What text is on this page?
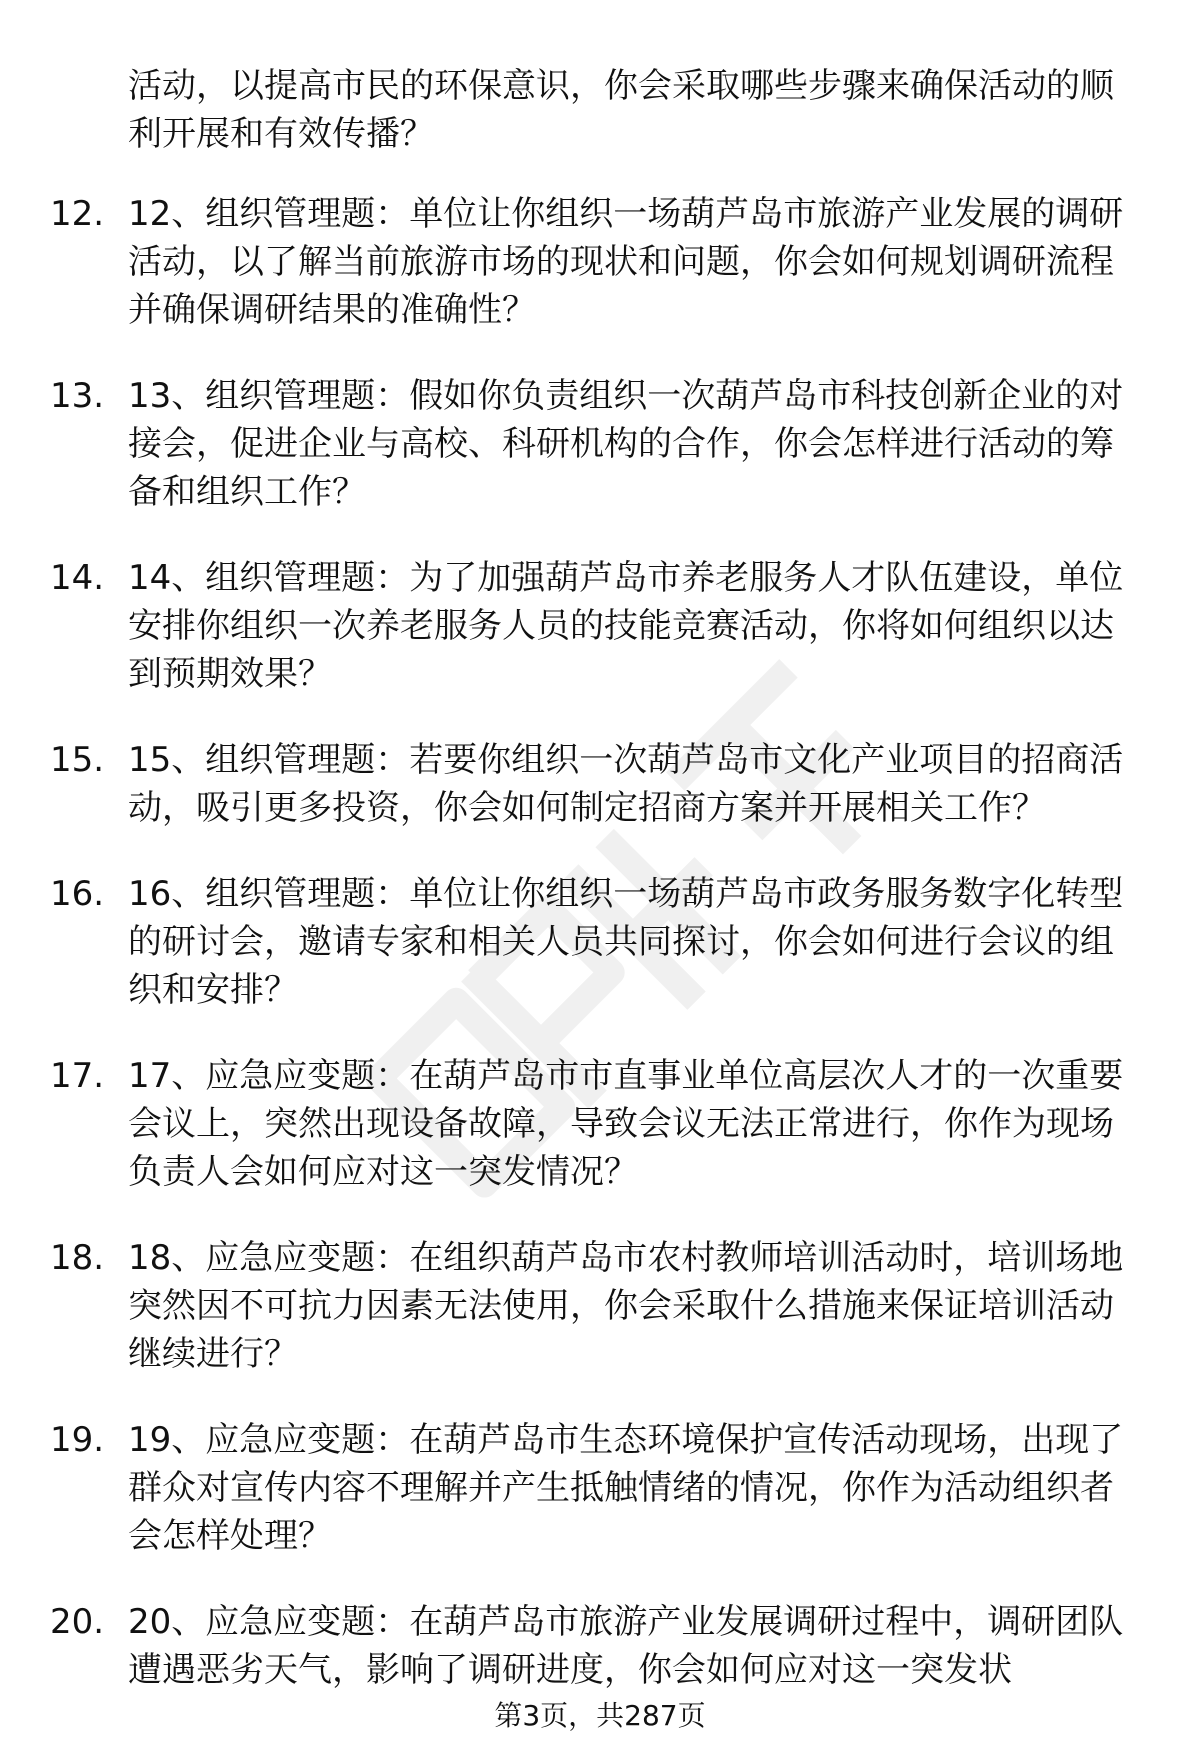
活动，以提高市民的环保意识，你会采取哪些步骤来确保活动的顺利开展和有效传播？
12. 12、组织管理题：单位让你组织一场葫芦岛市旅游产业发展的调研活动，以了解当前旅游市场的现状和问题，你会如何规划调研流程并确保调研结果的准确性？
13. 13、组织管理题：假如你负责组织一次葫芦岛市科技创新企业的对接会，促进企业与高校、科研机构的合作，你会怎样进行活动的筹备和组织工作？
14. 14、组织管理题：为了加强葫芦岛市养老服务人才队伍建设，单位安排你组织一次养老服务人员的技能竞赛活动，你将如何组织以达到预期效果？
15. 15、组织管理题：若要你组织一次葫芦岛市文化产业项目的招商活动，吸引更多投资，你会如何制定招商方案并开展相关工作？
16. 16、组织管理题：单位让你组织一场葫芦岛市政务服务数字化转型的研讨会，邀请专家和相关人员共同探讨，你会如何进行会议的组织和安排？
17. 17、应急应变题：在葫芦岛市市直事业单位高层次人才的一次重要会议上，突然出现设备故障，导致会议无法正常进行，你作为现场负责人会如何应对这一突发情况？
18. 18、应急应变题：在组织葫芦岛市农村教师培训活动时，培训场地突然因不可抗力因素无法使用，你会采取什么措施来保证培训活动继续进行？
19. 19、应急应变题：在葫芦岛市生态环境保护宣传活动现场，出现了群众对宣传内容不理解并产生抵触情绪的情况，你作为活动组织者会怎样处理？
20. 20、应急应变题：在葫芦岛市旅游产业发展调研过程中，调研团队遭遇恶劣天气，影响了调研进度，你会如何应对这一突发状
第3页，共287页
